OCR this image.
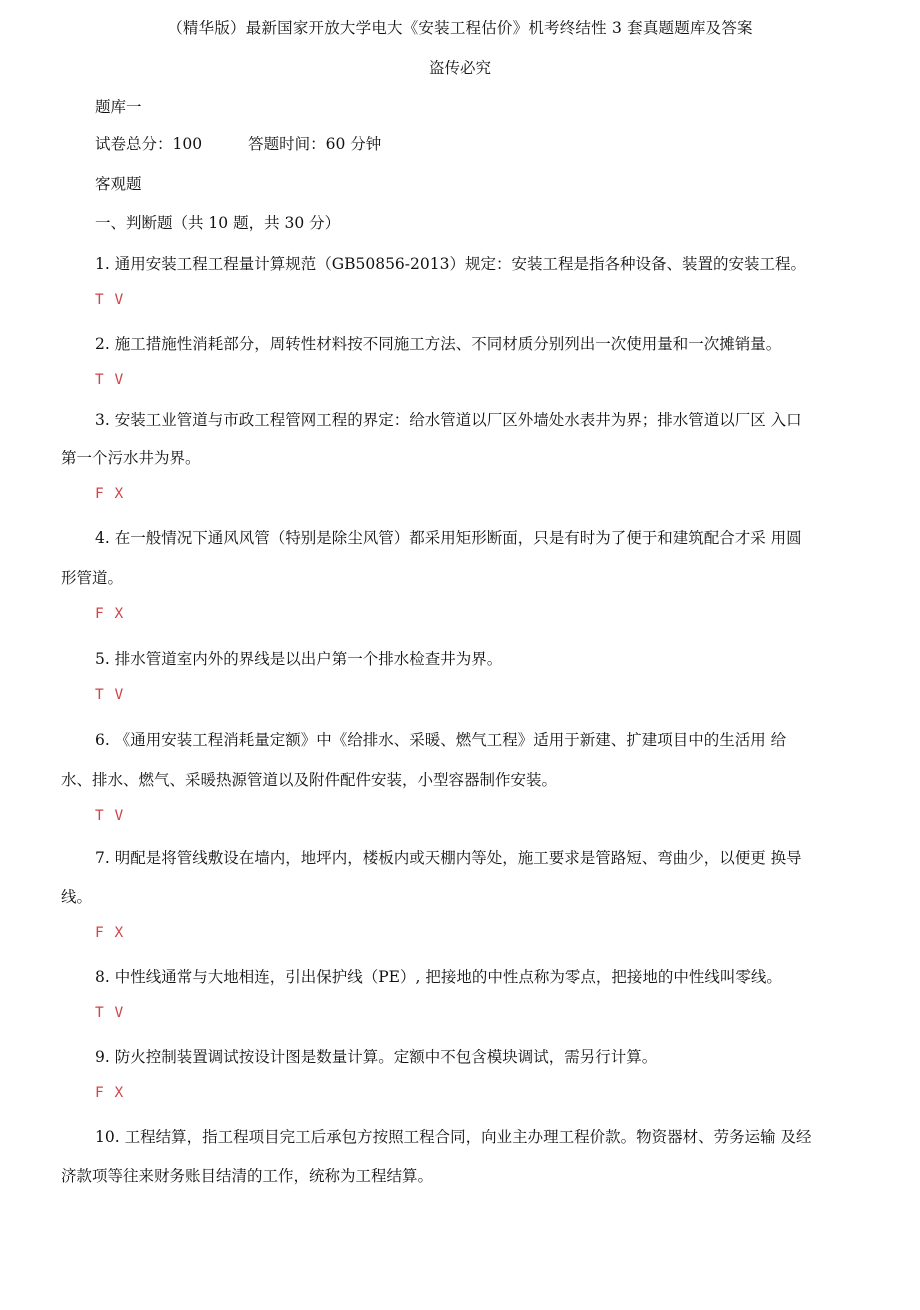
（精华版）最新国家开放大学电大《安装工程估价》机考终结性 3 套真题题库及答案
盗传必究
题库一
试卷总分：100	答题时间：60 分钟
客观题
一、判断题（共 10 题，共 30 分）
1. 通用安装工程工程量计算规范（GB50856-2013）规定：安装工程是指各种设备、装置的安装工程。
T V
2. 施工措施性消耗部分，周转性材料按不同施工方法、不同材质分别列出一次使用量和一次摊销量。
T V
3. 安装工业管道与市政工程管网工程的界定：给水管道以厂区外墙处水表井为界；排水管道以厂区 入口
第一个污水井为界。
F X
4. 在一般情况下通风风管（特别是除尘风管）都采用矩形断面，只是有时为了便于和建筑配合才采 用圆
形管道。
F X
5. 排水管道室内外的界线是以出户第一个排水检查井为界。
T V
6. 《通用安装工程消耗量定额》中《给排水、采暖、燃气工程》适用于新建、扩建项目中的生活用 给
水、排水、燃气、采暖热源管道以及附件配件安装，小型容器制作安装。
T V
7. 明配是将管线敷设在墙内，地坪内，楼板内或天棚内等处，施工要求是管路短、弯曲少，以便更 换导
线。
F X
8. 中性线通常与大地相连，引出保护线（PE）, 把接地的中性点称为零点，把接地的中性线叫零线。
T V
9. 防火控制装置调试按设计图是数量计算。定额中不包含模块调试，需另行计算。
F X
10. 工程结算，指工程项目完工后承包方按照工程合同，向业主办理工程价款。物资器材、劳务运输 及经
济款项等往来财务账目结清的工作，统称为工程结算。
